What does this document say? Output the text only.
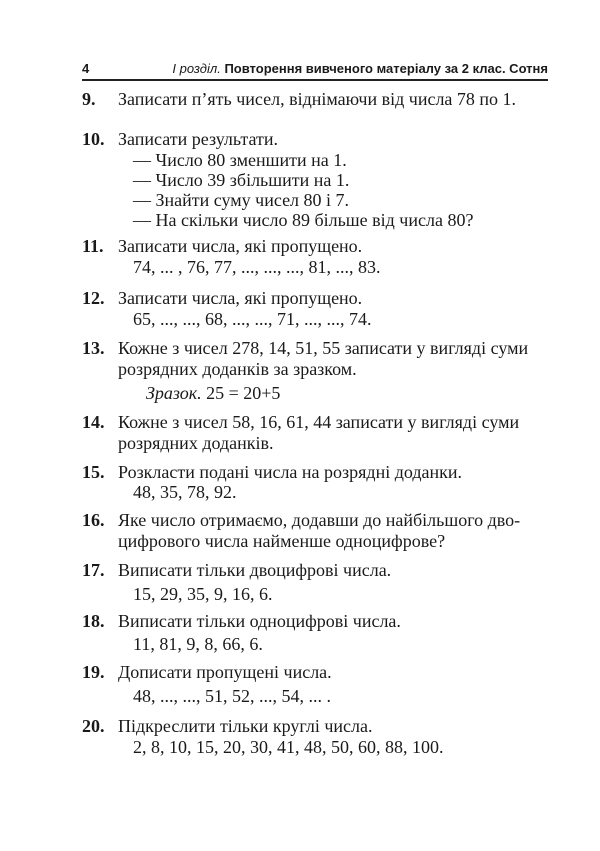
4	I розділ. Повторення вивченого матеріалу за 2 клас. Сотня
9. Записати п’ять чисел, віднімаючи від числа 78 по 1.
10. Записати результати.
— Число 80 зменшити на 1.
— Число 39 збільшити на 1.
— Знайти суму чисел 80 і 7.
— На скільки число 89 більше від числа 80?
11. Записати числа, які пропущено.
74, ... , 76, 77, ..., ..., ..., 81, ..., 83.
12. Записати числа, які пропущено.
65, ..., ..., 68, ..., ..., 71, ..., ..., 74.
13. Кожне з чисел 278, 14, 51, 55 записати у вигляді суми
розрядних доданків за зразком.
Зразок. 25 = 20+5
14. Кожне з чисел 58, 16, 61, 44 записати у вигляді суми
розрядних доданків.
15. Розкласти подані числа на розрядні доданки.
48, 35, 78, 92.
16. Яке число отримаємо, додавши до найбільшого дво-
цифрового числа найменше одноцифрове?
17. Виписати тільки двоцифрові числа.
15, 29, 35, 9, 16, 6.
18. Виписати тільки одноцифрові числа.
11, 81, 9, 8, 66, 6.
19. Дописати пропущені числа.
48, ..., ..., 51, 52, ..., 54, ... .
20. Підкреслити тільки круглі числа.
2, 8, 10, 15, 20, 30, 41, 48, 50, 60, 88, 100.
